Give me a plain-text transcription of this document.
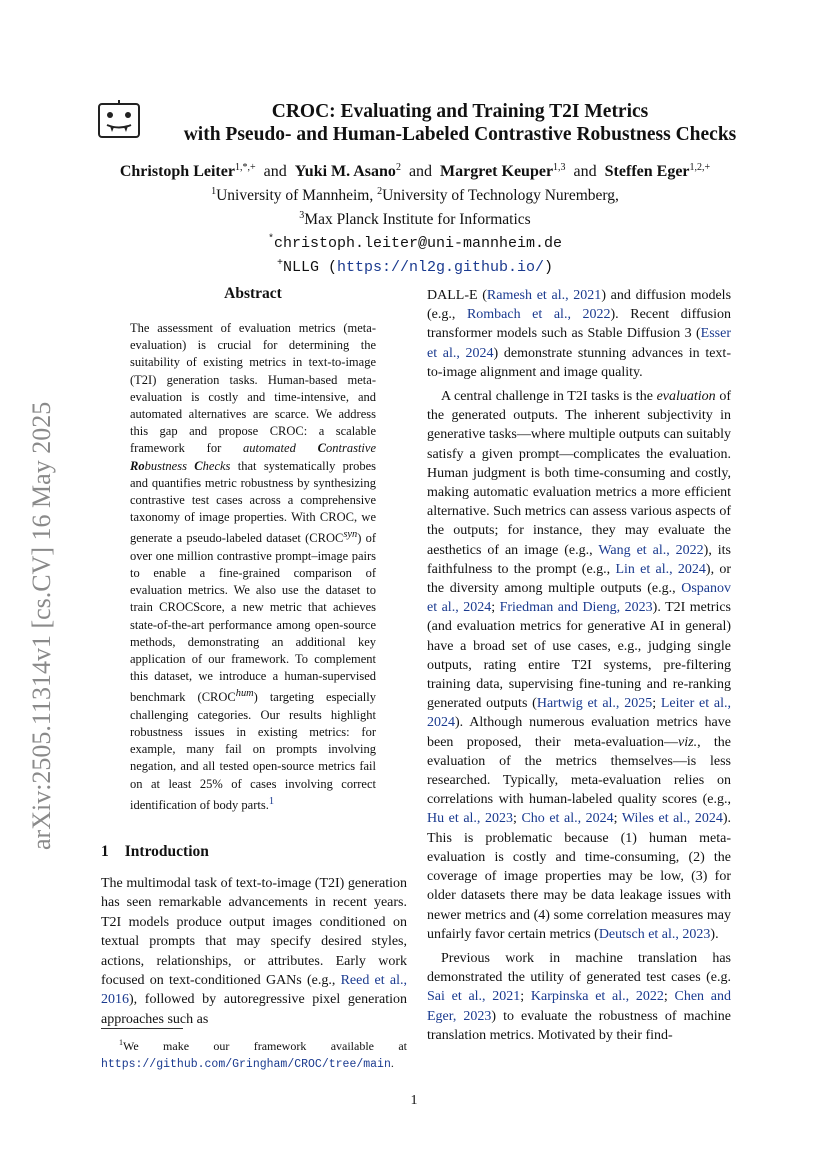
arXiv:2505.11314v1 [cs.CV] 16 May 2025
CROC: Evaluating and Training T2I Metrics
with Pseudo- and Human-Labeled Contrastive Robustness Checks
Christoph Leiter$^{1,*,+}$ and Yuki M. Asano$^2$ and Margret Keuper$^{1,3}$ and Steffen Eger$^{1,2,+}$
$^1$University of Mannheim, $^2$University of Technology Nuremberg,
$^3$Max Planck Institute for Informatics
*christoph.leiter@uni-mannheim.de
+NLLG (https://nl2g.github.io/)
Abstract
The assessment of evaluation metrics (meta-evaluation) is crucial for determining the suitability of existing metrics in text-to-image (T2I) generation tasks. Human-based meta-evaluation is costly and time-intensive, and automated alternatives are scarce. We address this gap and propose CROC: a scalable framework for automated Contrastive Robustness Checks that systematically probes and quantifies metric robustness by synthesizing contrastive test cases across a comprehensive taxonomy of image properties. With CROC, we generate a pseudo-labeled dataset $(CROC^{syn})$ of over one million contrastive prompt–image pairs to enable a fine-grained comparison of evaluation metrics. We also use the dataset to train CROCScore, a new metric that achieves state-of-the-art performance among open-source methods, demonstrating an additional key application of our framework. To complement this dataset, we introduce a human-supervised benchmark $(CROC^{hum})$ targeting especially challenging categories. Our results highlight robustness issues in existing metrics: for example, many fail on prompts involving negation, and all tested open-source metrics fail on at least 25% of cases involving correct identification of body parts.$^1$
1 Introduction
The multimodal task of text-to-image (T2I) generation has seen remarkable advancements in recent years. T2I models produce output images conditioned on textual prompts that may specify desired styles, actions, relationships, or attributes. Early work focused on text-conditioned GANs (e.g., Reed et al., 2016), followed by autoregressive pixel generation approaches such as
$^1$We make our framework available at https://github.com/Gringham/CROC/tree/main.

DALL-E (Ramesh et al., 2021) and diffusion models (e.g., Rombach et al., 2022). Recent diffusion transformer models such as Stable Diffusion 3 (Esser et al., 2024) demonstrate stunning advances in text-to-image alignment and image quality.

A central challenge in T2I tasks is the evaluation of the generated outputs. The inherent subjectivity in generative tasks—where multiple outputs can suitably satisfy a given prompt—complicates the evaluation. Human judgment is both time-consuming and costly, making automatic evaluation metrics a more efficient alternative. Such metrics can assess various aspects of the outputs; for instance, they may evaluate the aesthetics of an image (e.g., Wang et al., 2022), its faithfulness to the prompt (e.g., Lin et al., 2024), or the diversity among multiple outputs (e.g., Ospanov et al., 2024; Friedman and Dieng, 2023). T2I metrics (and evaluation metrics for generative AI in general) have a broad set of use cases, e.g., judging single outputs, rating entire T2I systems, pre-filtering training data, supervising fine-tuning and re-ranking generated outputs (Hartwig et al., 2025; Leiter et al., 2024). Although numerous evaluation metrics have been proposed, their meta-evaluation—viz., the evaluation of the metrics themselves—is less researched. Typically, meta-evaluation relies on correlations with human-labeled quality scores (e.g., Hu et al., 2023; Cho et al., 2024; Wiles et al., 2024). This is problematic because (1) human meta-evaluation is costly and time-consuming, (2) the coverage of image properties may be low, (3) for older datasets there may be data leakage issues with newer metrics and (4) some correlation measures may unfairly favor certain metrics (Deutsch et al., 2023).

Previous work in machine translation has demonstrated the utility of generated test cases (e.g. Sai et al., 2021; Karpinska et al., 2022; Chen and Eger, 2023) to evaluate the robustness of machine translation metrics. Motivated by their find-

1
